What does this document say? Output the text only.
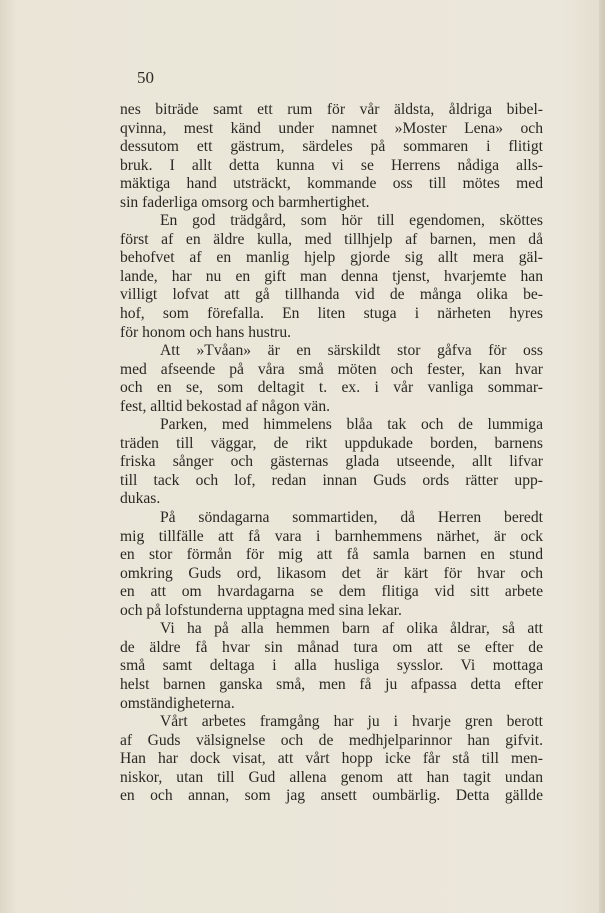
50
nes biträde samt ett rum för vår äldsta, åldriga bibel-
qvinna, mest känd under namnet »Moster Lena» och
dessutom ett gästrum, särdeles på sommaren i flitigt
bruk. I allt detta kunna vi se Herrens nådiga alls-
mäktiga hand utsträckt, kommande oss till mötes med
sin faderliga omsorg och barmhertighet.
En god trädgård, som hör till egendomen, sköttes
först af en äldre kulla, med tillhjelp af barnen, men då
behofvet af en manlig hjelp gjorde sig allt mera gäl-
lande, har nu en gift man denna tjenst, hvarjemte han
villigt lofvat att gå tillhanda vid de många olika be-
hof, som förefalla. En liten stuga i närheten hyres
för honom och hans hustru.
Att »Tvåan» är en särskildt stor gåfva för oss
med afseende på våra små möten och fester, kan hvar
och en se, som deltagit t. ex. i vår vanliga sommar-
fest, alltid bekostad af någon vän.
Parken, med himmelens blåa tak och de lummiga
träden till väggar, de rikt uppdukade borden, barnens
friska sånger och gästernas glada utseende, allt lifvar
till tack och lof, redan innan Guds ords rätter upp-
dukas.
På söndagarna sommartiden, då Herren beredt
mig tillfälle att få vara i barnhemmens närhet, är ock
en stor förmån för mig att få samla barnen en stund
omkring Guds ord, likasom det är kärt för hvar och
en att om hvardagarna se dem flitiga vid sitt arbete
och på lofstunderna upptagna med sina lekar.
Vi ha på alla hemmen barn af olika åldrar, så att
de äldre få hvar sin månad tura om att se efter de
små samt deltaga i alla husliga sysslor. Vi mottaga
helst barnen ganska små, men få ju afpassa detta efter
omständigheterna.
Vårt arbetes framgång har ju i hvarje gren berott
af Guds välsignelse och de medhjelparinnor han gifvit.
Han har dock visat, att vårt hopp icke får stå till men-
niskor, utan till Gud allena genom att han tagit undan
en och annan, som jag ansett oumbärlig. Detta gällde
